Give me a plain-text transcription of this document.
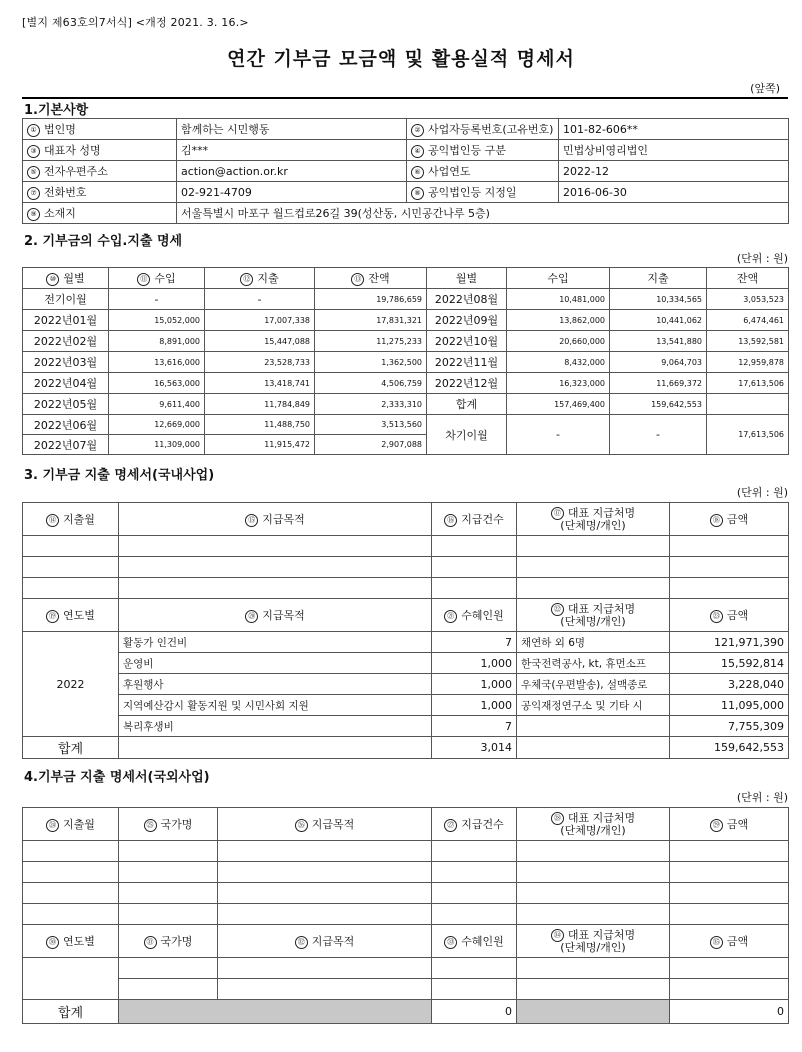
[별지 제63호의7서식] <개정 2021. 3. 16.>
연간 기부금 모금액 및 활용실적 명세서
(앞쪽)
1.기본사항
① 법인명	함께하는 시민행동	② 사업자등록번호(고유번호)	101-82-606**
③ 대표자 성명	김***	④ 공익법인등 구분	민법상비영리법인
⑤ 전자우편주소	action@action.or.kr	⑥ 사업연도	2022-12
⑦ 전화번호	02-921-4709	⑧ 공익법인등 지정일	2016-06-30
⑨ 소재지	서울특별시 마포구 월드컵로26길 39(성산동, 시민공간나루 5층)		
2. 기부금의 수입.지출 명세
(단위 : 원)
⑩ 월별	⑪ 수입	⑫ 지출	⑬ 잔액	월별	수입	지출	잔액
전기이월	-	-	19,786,659	2022년08월	10,481,000	10,334,565	3,053,523
2022년01월	15,052,000	17,007,338	17,831,321	2022년09월	13,862,000	10,441,062	6,474,461
2022년02월	8,891,000	15,447,088	11,275,233	2022년10월	20,660,000	13,541,880	13,592,581
2022년03월	13,616,000	23,528,733	1,362,500	2022년11월	8,432,000	9,064,703	12,959,878
2022년04월	16,563,000	13,418,741	4,506,759	2022년12월	16,323,000	11,669,372	17,613,506
2022년05월	9,611,400	11,784,849	2,333,310	합계	157,469,400	159,642,553	
2022년06월	12,669,000	11,488,750	3,513,560	차기이월	-	-	17,613,506
2022년07월	11,309,000	11,915,472	2,907,088				
3. 기부금 지출 명세서(국내사업)
(단위 : 원)
⑭ 지출월	⑮ 지급목적	⑯ 지급건수	⑰ 대표 지급처명
(단체명/개인)	⑱ 금액

⑲ 연도별	⑳ 지급목적	㉑ 수혜인원	㉒ 대표 지급처명
(단체명/개인)	㉓ 금액
2022	활동가 인건비	7	채연하 외 6명	121,971,390
	운영비	1,000	한국전력공사, kt, 휴먼소프	15,592,814
	후원행사	1,000	우체국(우편발송), 설맥종로	3,228,040
	지역예산감시 활동지원 및 시민사회 지원	1,000	공익재정연구소 및 기타 시	11,095,000
	복리후생비	7		7,755,309
합계		3,014		159,642,553
4.기부금 지출 명세서(국외사업)
(단위 : 원)
㉔ 지출월	㉕ 국가명	㉖ 지급목적	㉗ 지급건수	㉘ 대표 지급처명
(단체명/개인)	㉙ 금액

㉚ 연도별	㉛ 국가명	㉜ 지급목적	㉝ 수혜인원	㉞ 대표 지급처명
(단체명/개인)	㉟ 금액

합계			0		0
